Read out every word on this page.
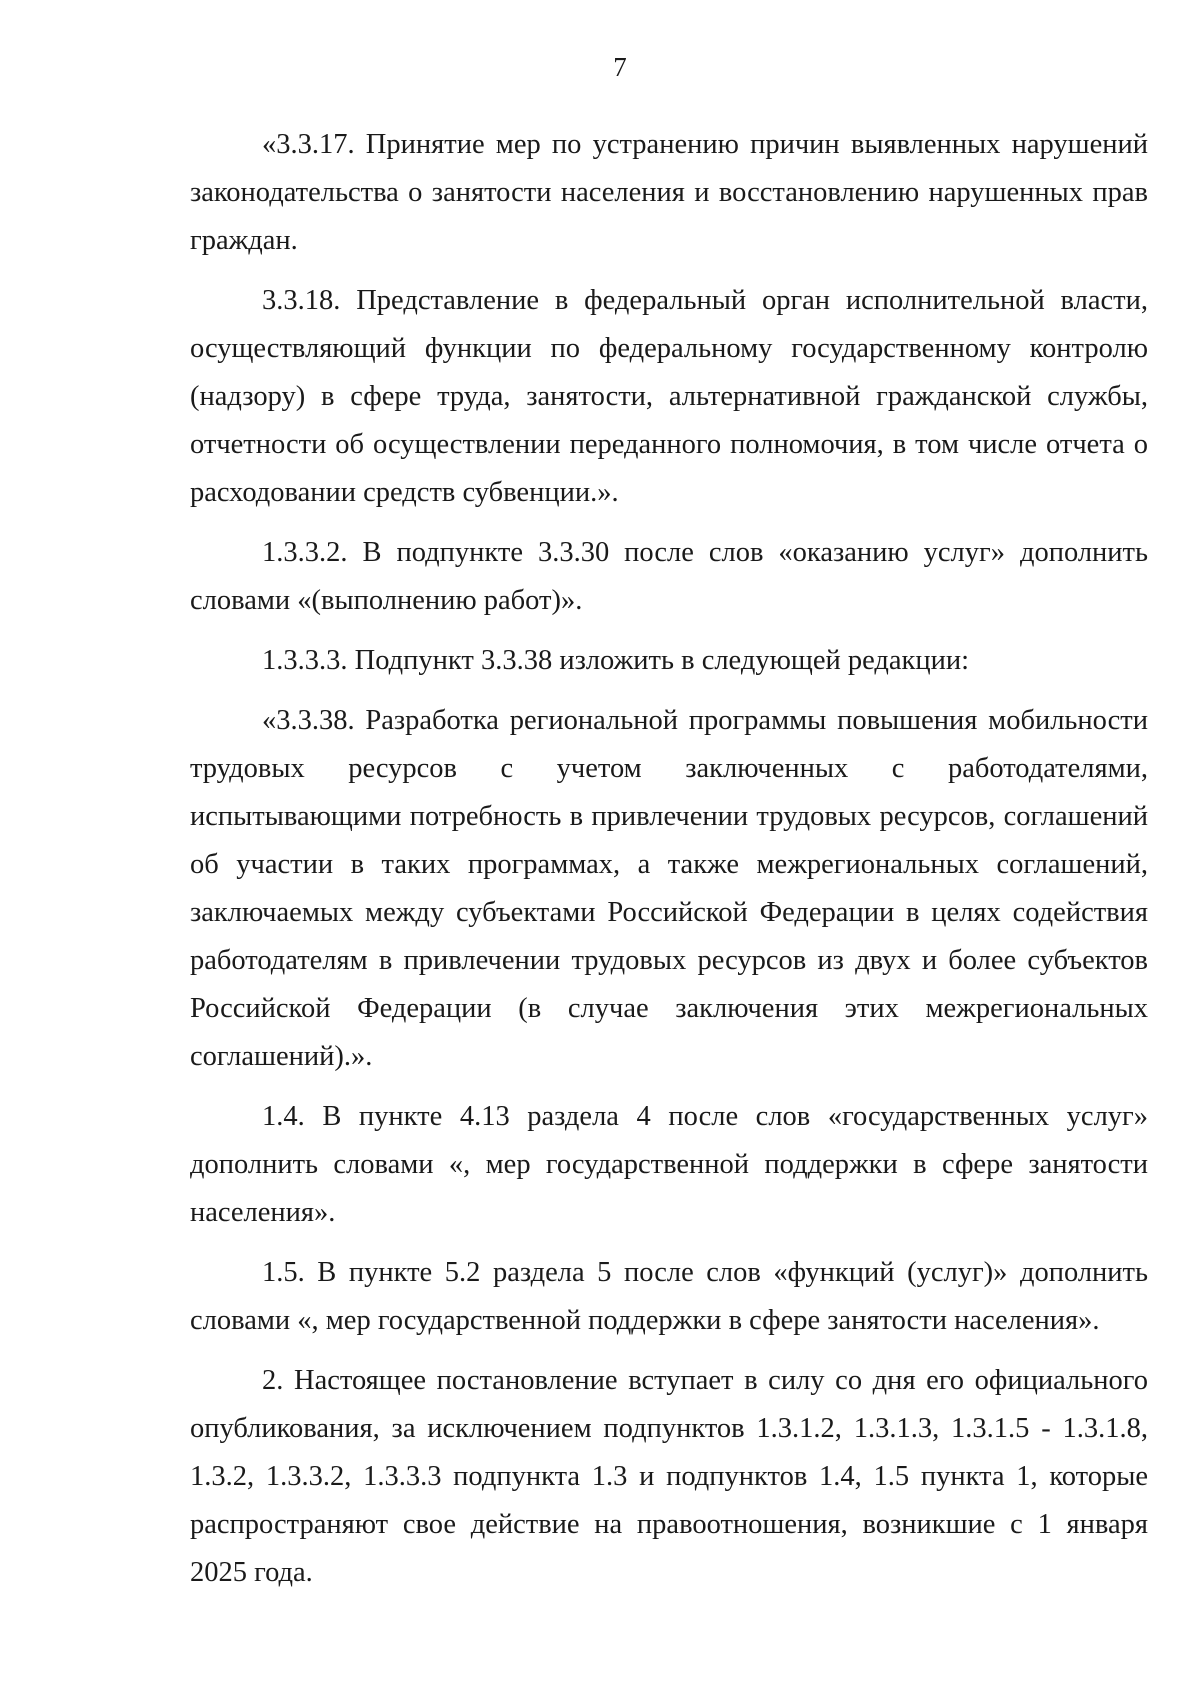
7

«3.3.17. Принятие мер по устранению причин выявленных нарушений законодательства о занятости населения и восстановлению нарушенных прав граждан.

3.3.18. Представление в федеральный орган исполнительной власти, осуществляющий функции по федеральному государственному контролю (надзору) в сфере труда, занятости, альтернативной гражданской службы, отчетности об осуществлении переданного полномочия, в том числе отчета о расходовании средств субвенции.».

1.3.3.2. В подпункте 3.3.30 после слов «оказанию услуг» дополнить словами «(выполнению работ)».

1.3.3.3. Подпункт 3.3.38 изложить в следующей редакции:

«3.3.38. Разработка региональной программы повышения мобильности трудовых ресурсов с учетом заключенных с работодателями, испытывающими потребность в привлечении трудовых ресурсов, соглашений об участии в таких программах, а также межрегиональных соглашений, заключаемых между субъектами Российской Федерации в целях содействия работодателям в привлечении трудовых ресурсов из двух и более субъектов Российской Федерации (в случае заключения этих межрегиональных соглашений).».

1.4. В пункте 4.13 раздела 4 после слов «государственных услуг» дополнить словами «, мер государственной поддержки в сфере занятости населения».

1.5. В пункте 5.2 раздела 5 после слов «функций (услуг)» дополнить словами «, мер государственной поддержки в сфере занятости населения».

2. Настоящее постановление вступает в силу со дня его официального опубликования, за исключением подпунктов 1.3.1.2, 1.3.1.3, 1.3.1.5 - 1.3.1.8, 1.3.2, 1.3.3.2, 1.3.3.3 подпункта 1.3 и подпунктов 1.4, 1.5 пункта 1, которые распространяют свое действие на правоотношения, возникшие с 1 января 2025 года.
